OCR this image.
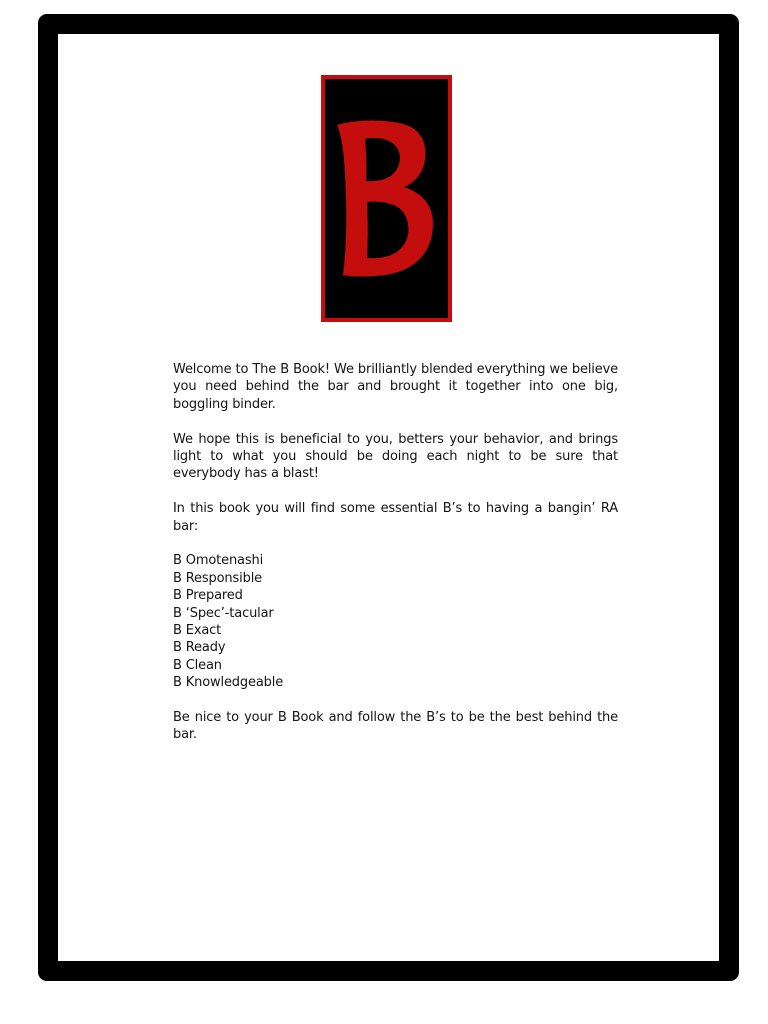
Welcome to The B Book! We brilliantly blended everything we believe you need behind the bar and brought it together into one big, boggling binder.

We hope this is beneficial to you, betters your behavior, and brings light to what you should be doing each night to be sure that everybody has a blast!

In this book you will find some essential B’s to having a bangin’ RA bar:

B Omotenashi
B Responsible
B Prepared
B ‘Spec’-tacular
B Exact
B Ready
B Clean
B Knowledgeable

Be nice to your B Book and follow the B’s to be the best behind the bar.
